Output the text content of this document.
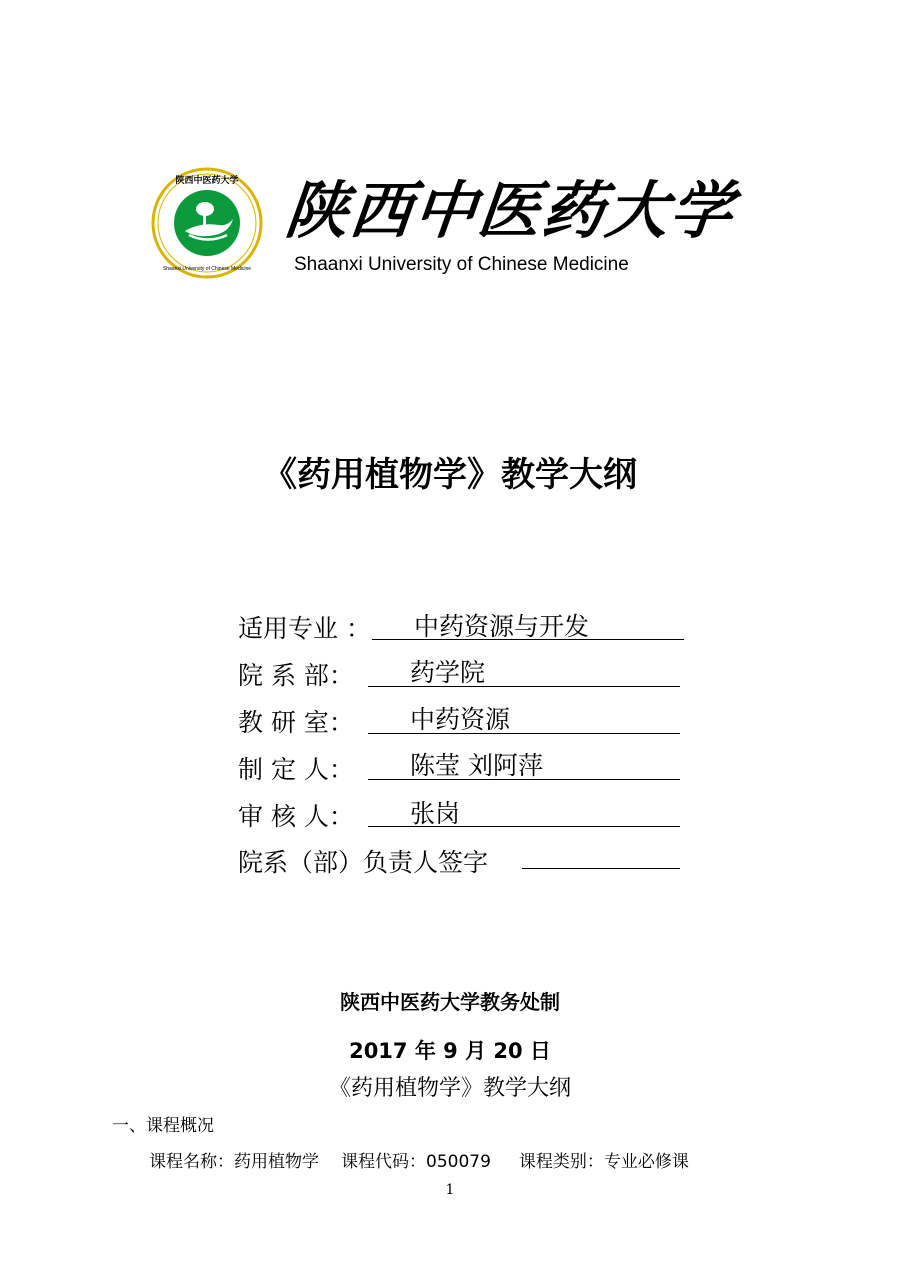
陕西中医药大学
Shaanxi University of Chinese Medicine
陕西中医药大学
Shaanxi University of Chinese Medicine
《药用植物学》教学大纲
适用专业 ： 中药资源与开发
院 系 部： 药学院
教 研 室： 中药资源
制 定 人： 陈莹 刘阿萍
审 核 人： 张岗
院系（部）负责人签字
陕西中医药大学教务处制
2017 年 9 月 20 日
《药用植物学》教学大纲
一、课程概况
课程名称：药用植物学 课程代码：050079 课程类别：专业必修课
1
